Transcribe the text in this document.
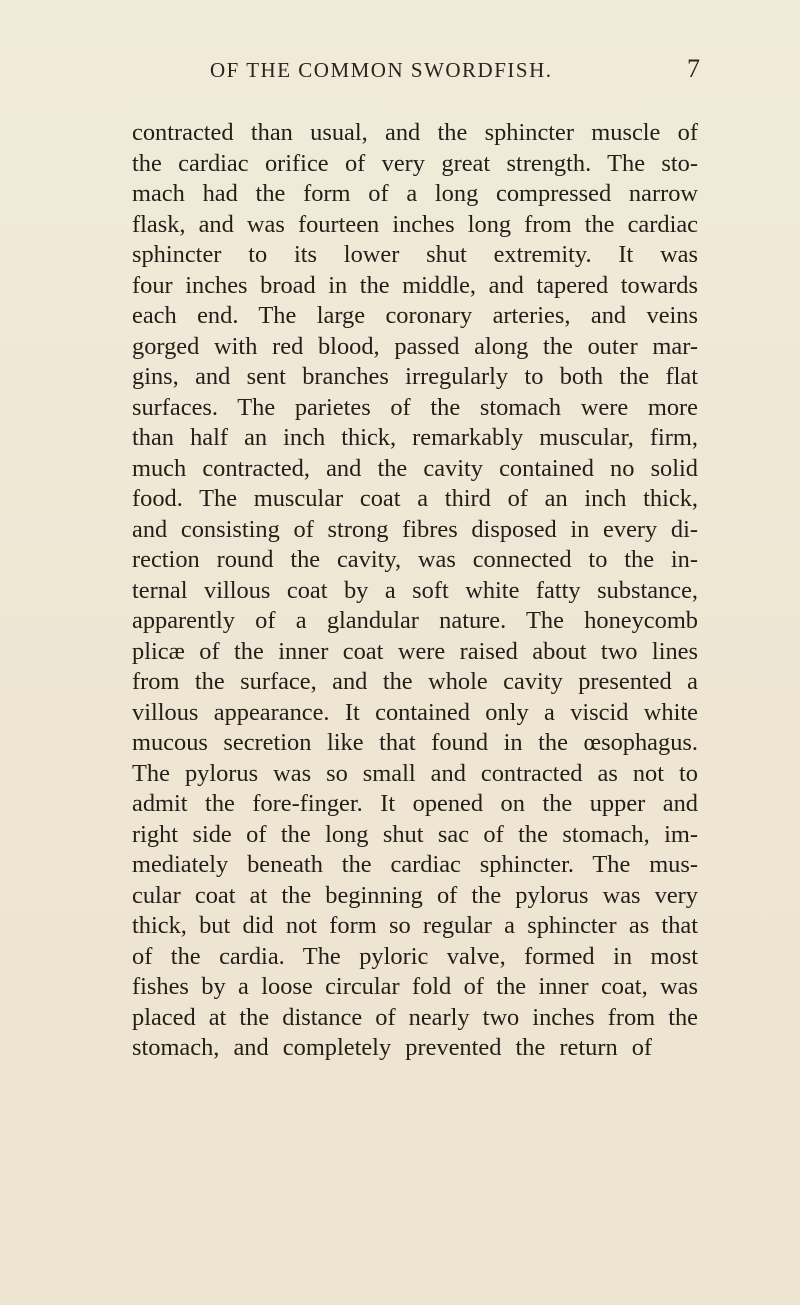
OF THE COMMON SWORDFISH.	7
contracted than usual, and the sphincter muscle of
the cardiac orifice of very great strength. The sto-
mach had the form of a long compressed narrow
flask, and was fourteen inches long from the cardiac
sphincter to its lower shut extremity. It was
four inches broad in the middle, and tapered towards
each end. The large coronary arteries, and veins
gorged with red blood, passed along the outer mar-
gins, and sent branches irregularly to both the flat
surfaces. The parietes of the stomach were more
than half an inch thick, remarkably muscular, firm,
much contracted, and the cavity contained no solid
food. The muscular coat a third of an inch thick,
and consisting of strong fibres disposed in every di-
rection round the cavity, was connected to the in-
ternal villous coat by a soft white fatty substance,
apparently of a glandular nature. The honeycomb
plicæ of the inner coat were raised about two lines
from the surface, and the whole cavity presented a
villous appearance. It contained only a viscid white
mucous secretion like that found in the œsophagus.
The pylorus was so small and contracted as not to
admit the fore-finger. It opened on the upper and
right side of the long shut sac of the stomach, im-
mediately beneath the cardiac sphincter. The mus-
cular coat at the beginning of the pylorus was very
thick, but did not form so regular a sphincter as that
of the cardia. The pyloric valve, formed in most
fishes by a loose circular fold of the inner coat, was
placed at the distance of nearly two inches from the
stomach, and completely prevented the return of
